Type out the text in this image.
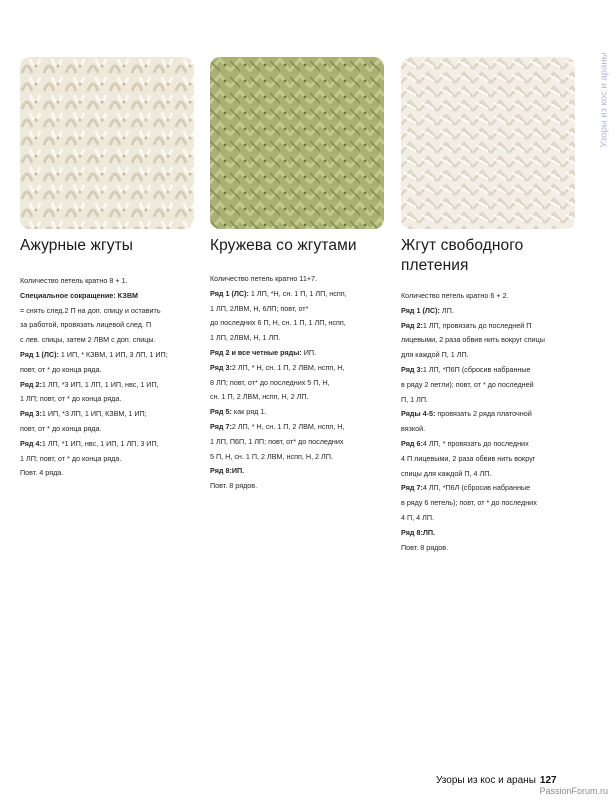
Узоры из кос и араны
Ажурные жгуты
Количество петель кратно 8 + 1.
Специальное сокращение: КЗВМ
= снять след.2 П на доп. спицу и оставить
за работой, провязать лицевой след. П
с лев. спицы, затем 2 ЛВМ с доп. спицы.
Ряд 1 (ЛС): 1 ИП, * КЗВМ, 1 ИП, 3 ЛП, 1 ИП;
повт, от * до конца ряда.
Ряд 2:1 ЛП, *3 ИП, 1 ЛП, 1 ИП, нвс, 1 ИП,
1 ЛП; повт, от * до конца ряда.
Ряд 3:1 ИП, *3 ЛП, 1 ИП, КЗВМ, 1 ИП;
повт, от * до конца ряда.
Ряд 4:1 ЛП, *1 ИП, нвс, 1 ИП, 1 ЛП, 3 ИП,
1 ЛП; повт, от * до конца ряда.
Повт. 4 ряда.
Кружева со жгутами
Количество петель кратно 11+7.
Ряд 1 (ЛС): 1 ЛП, *Н, сн. 1 П, 1 ЛП, нспп,
1 ЛП, 2ЛВМ, Н, 6ЛП; повт, от*
до последних 6 П, Н, сн. 1 П, 1 ЛП, нспп,
1 ЛП, 2ЛВМ, Н, 1 ЛП.
Ряд 2 и все четные ряды: ИП.
Ряд 3:2 ЛП, * Н, сн. 1 П, 2 ЛВМ, нспп, Н,
8 ЛП; повт, от* до последних 5 П, Н,
сн. 1 П, 2 ЛВМ, нспп, Н, 2 ЛП.
Ряд 5: как ряд 1.
Ряд 7:2 ЛП, * Н, сн. 1 П, 2 ЛВМ, нспп, Н,
1 ЛП, П6П, 1 ЛП; повт, от* до последних
5 П, Н, сн. 1 П, 2 ЛВМ, нспп, Н, 2 ЛП.
Ряд 8:ИП.
Повт. 8 рядов.
Жгут свободного плетения
Количество петель кратно 6 + 2.
Ряд 1 (ЛС): ЛП.
Ряд 2:1 ЛП, провязать до последней П
лицевыми, 2 раза обвив нить вокруг спицы
для каждой П, 1 ЛП.
Ряд 3:1 ЛП, *П6П (сбросив набранные
в ряду 2 петли); повт, от * до последней
П, 1 ЛП.
Ряды 4-5: провязать 2 ряда платочной
вязкой.
Ряд 6:4 ЛП, * провязать до последних
4 П лицевыми, 2 раза обвив нить вокруг
спицы для каждой П, 4 ЛП.
Ряд 7:4 ЛП, *П6Л (сбросив набранные
в ряду 6 петель); повт, от * до последних
4 П, 4 ЛП.
Ряд 8:ЛП.
Повт. 8 рядов.
Узоры из кос и араны 127
PassionForum.ru
